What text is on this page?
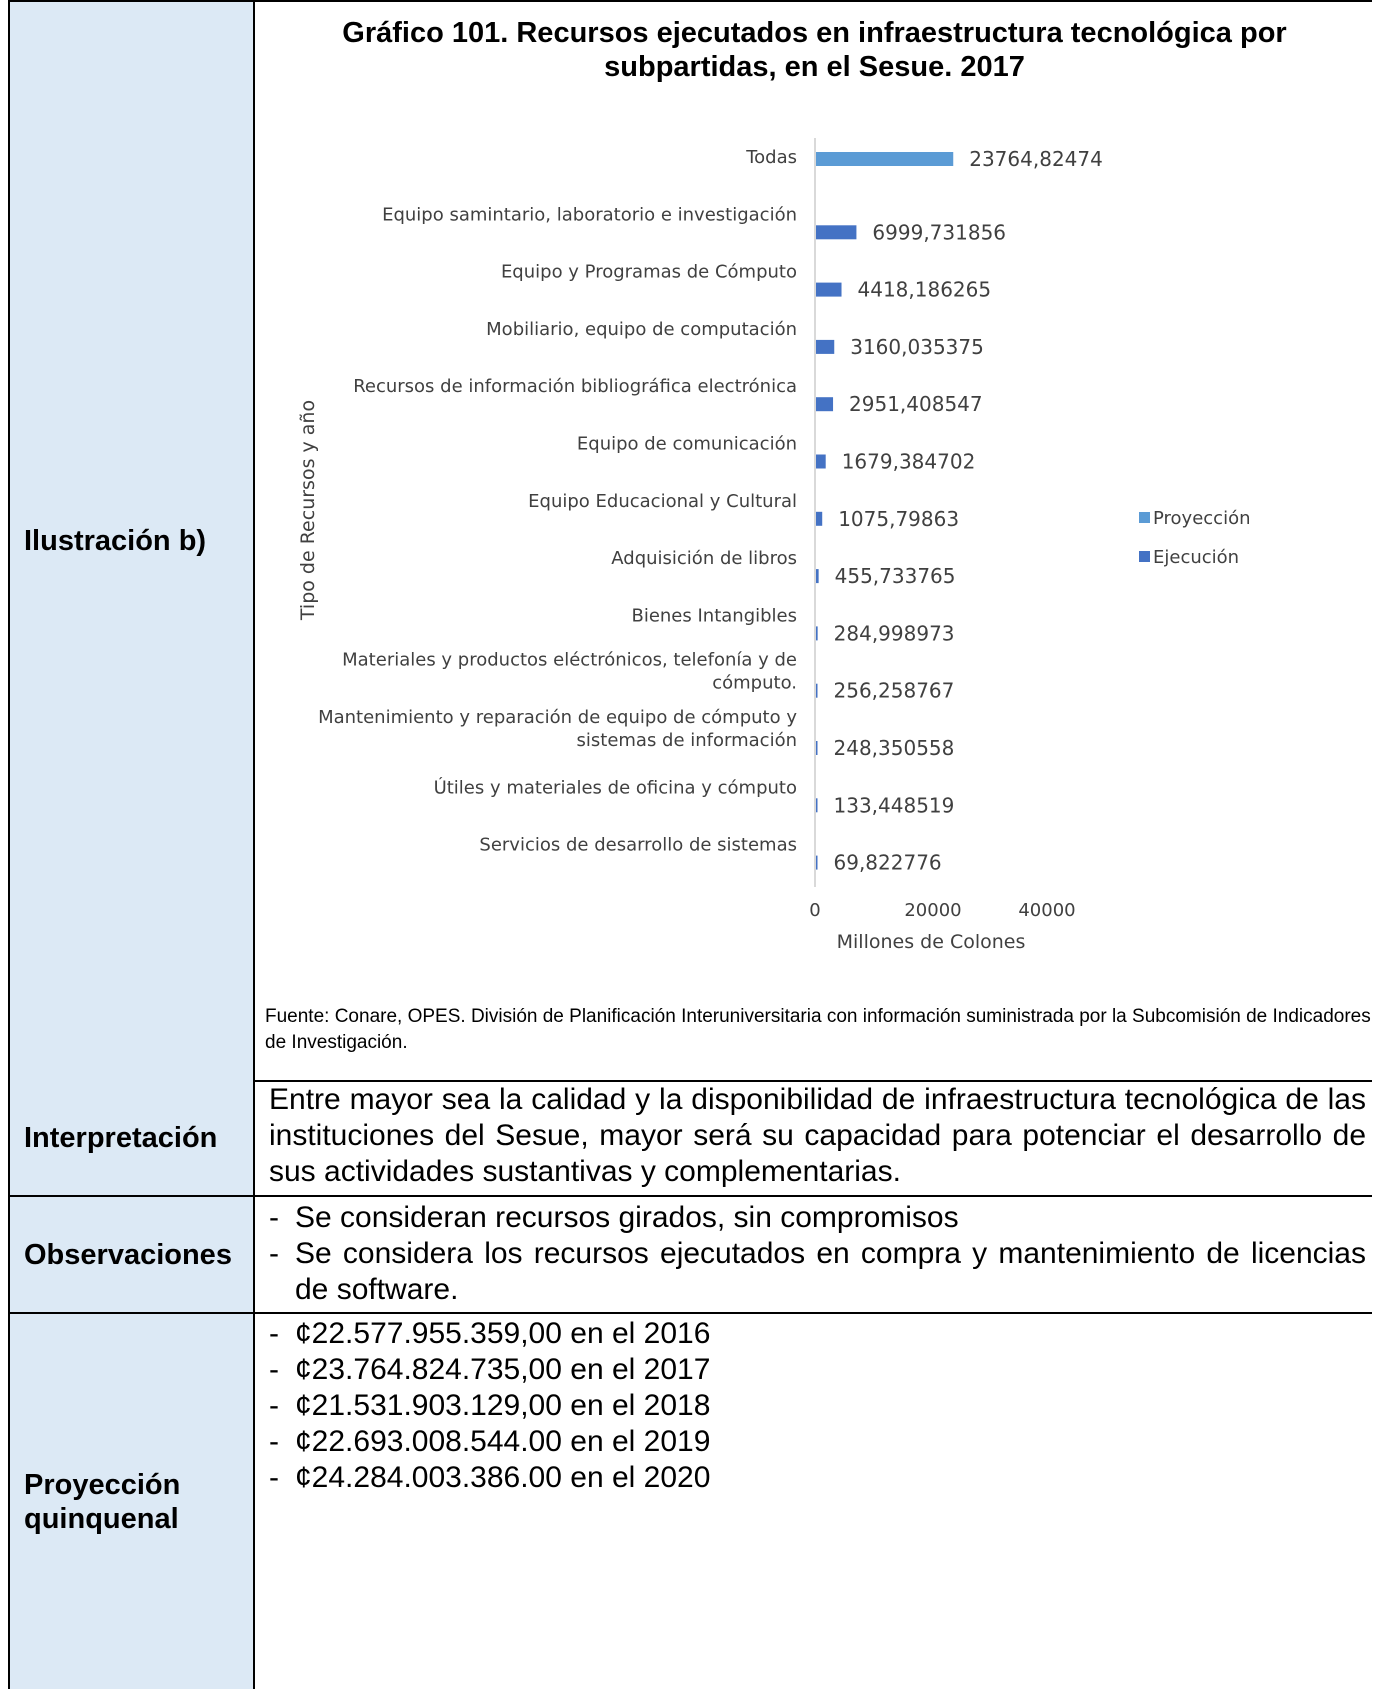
Ilustración b)
Gráfico 101. Recursos ejecutados en infraestructura tecnológica por subpartidas, en el Sesue. 2017
Todas	23764,82474
Equipo samintario, laboratorio e investigación
6999,731856
Equipo y Programas de Cómputo
4418,186265
Mobiliario, equipo de computación
3160,035375
Recursos de información bibliográfica electrónica
2951,408547
Equipo de comunicación
1679,384702
Equipo Educacional y Cultural
1075,79863
Adquisición de libros
455,733765
Bienes Intangibles
284,998973
Materiales y productos eléctrónicos, telefonía y de cómputo. 256,258767
Mantenimiento y reparación de equipo de cómputo y sistemas de información 248,350558
Útiles y materiales de oficina y cómputo
133,448519
Servicios de desarrollo de sistemas
69,822776
0	20000	40000
Millones de Colones
Tipo de Recursos y año	Proyección
Ejecución
Fuente: Conare, OPES. División de Planificación Interuniversitaria con información suministrada por la Subcomisión de Indicadores de Investigación.
Interpretación
Entre mayor sea la calidad y la disponibilidad de infraestructura tecnológica de las instituciones del Sesue, mayor será su capacidad para potenciar el desarrollo de sus actividades sustantivas y complementarias.
Observaciones
- Se consideran recursos girados, sin compromisos
- Se considera los recursos ejecutados en compra y mantenimiento de licencias de software.
Proyección quinquenal
- ¢22.577.955.359,00 en el 2016
- ¢23.764.824.735,00 en el 2017
- ¢21.531.903.129,00 en el 2018
- ¢22.693.008.544.00 en el 2019
- ¢24.284.003.386.00 en el 2020
